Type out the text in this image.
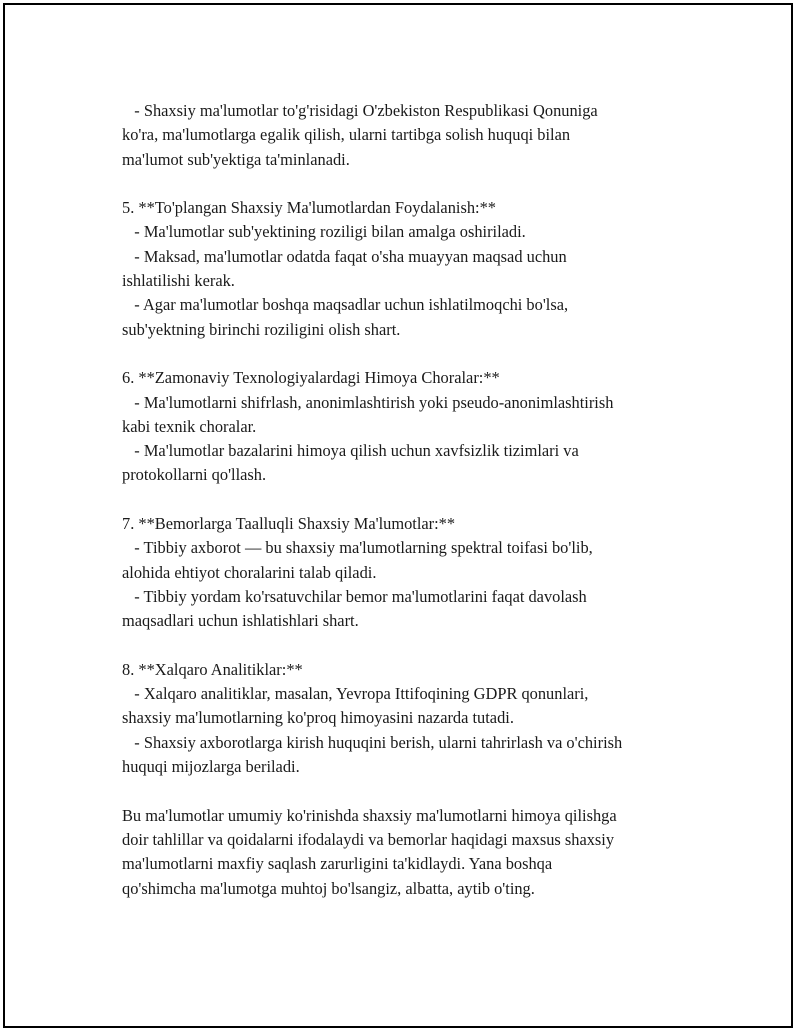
- Shaxsiy ma'lumotlar to'g'risidagi O'zbekiston Respublikasi Qonuniga
ko'ra, ma'lumotlarga egalik qilish, ularni tartibga solish huquqi bilan
ma'lumot sub'yektiga ta'minlanadi.
5. **To'plangan Shaxsiy Ma'lumotlardan Foydalanish:**
- Ma'lumotlar sub'yektining roziligi bilan amalga oshiriladi.
- Maksad, ma'lumotlar odatda faqat o'sha muayyan maqsad uchun
ishlatilishi kerak.
- Agar ma'lumotlar boshqa maqsadlar uchun ishlatilmoqchi bo'lsa,
sub'yektning birinchi roziligini olish shart.
6. **Zamonaviy Texnologiyalardagi Himoya Choralar:**
- Ma'lumotlarni shifrlash, anonimlashtirish yoki pseudo-anonimlashtirish
kabi texnik choralar.
- Ma'lumotlar bazalarini himoya qilish uchun xavfsizlik tizimlari va
protokollarni qo'llash.
7. **Bemorlarga Taalluqli Shaxsiy Ma'lumotlar:**
- Tibbiy axborot — bu shaxsiy ma'lumotlarning spektral toifasi bo'lib,
alohida ehtiyot choralarini talab qiladi.
- Tibbiy yordam ko'rsatuvchilar bemor ma'lumotlarini faqat davolash
maqsadlari uchun ishlatishlari shart.
8. **Xalqaro Analitiklar:**
- Xalqaro analitiklar, masalan, Yevropa Ittifoqining GDPR qonunlari,
shaxsiy ma'lumotlarning ko'proq himoyasini nazarda tutadi.
- Shaxsiy axborotlarga kirish huquqini berish, ularni tahrirlash va o'chirish
huquqi mijozlarga beriladi.
Bu ma'lumotlar umumiy ko'rinishda shaxsiy ma'lumotlarni himoya qilishga
doir tahlillar va qoidalarni ifodalaydi va bemorlar haqidagi maxsus shaxsiy
ma'lumotlarni maxfiy saqlash zarurligini ta'kidlaydi. Yana boshqa
qo'shimcha ma'lumotga muhtoj bo'lsangiz, albatta, aytib o'ting.
